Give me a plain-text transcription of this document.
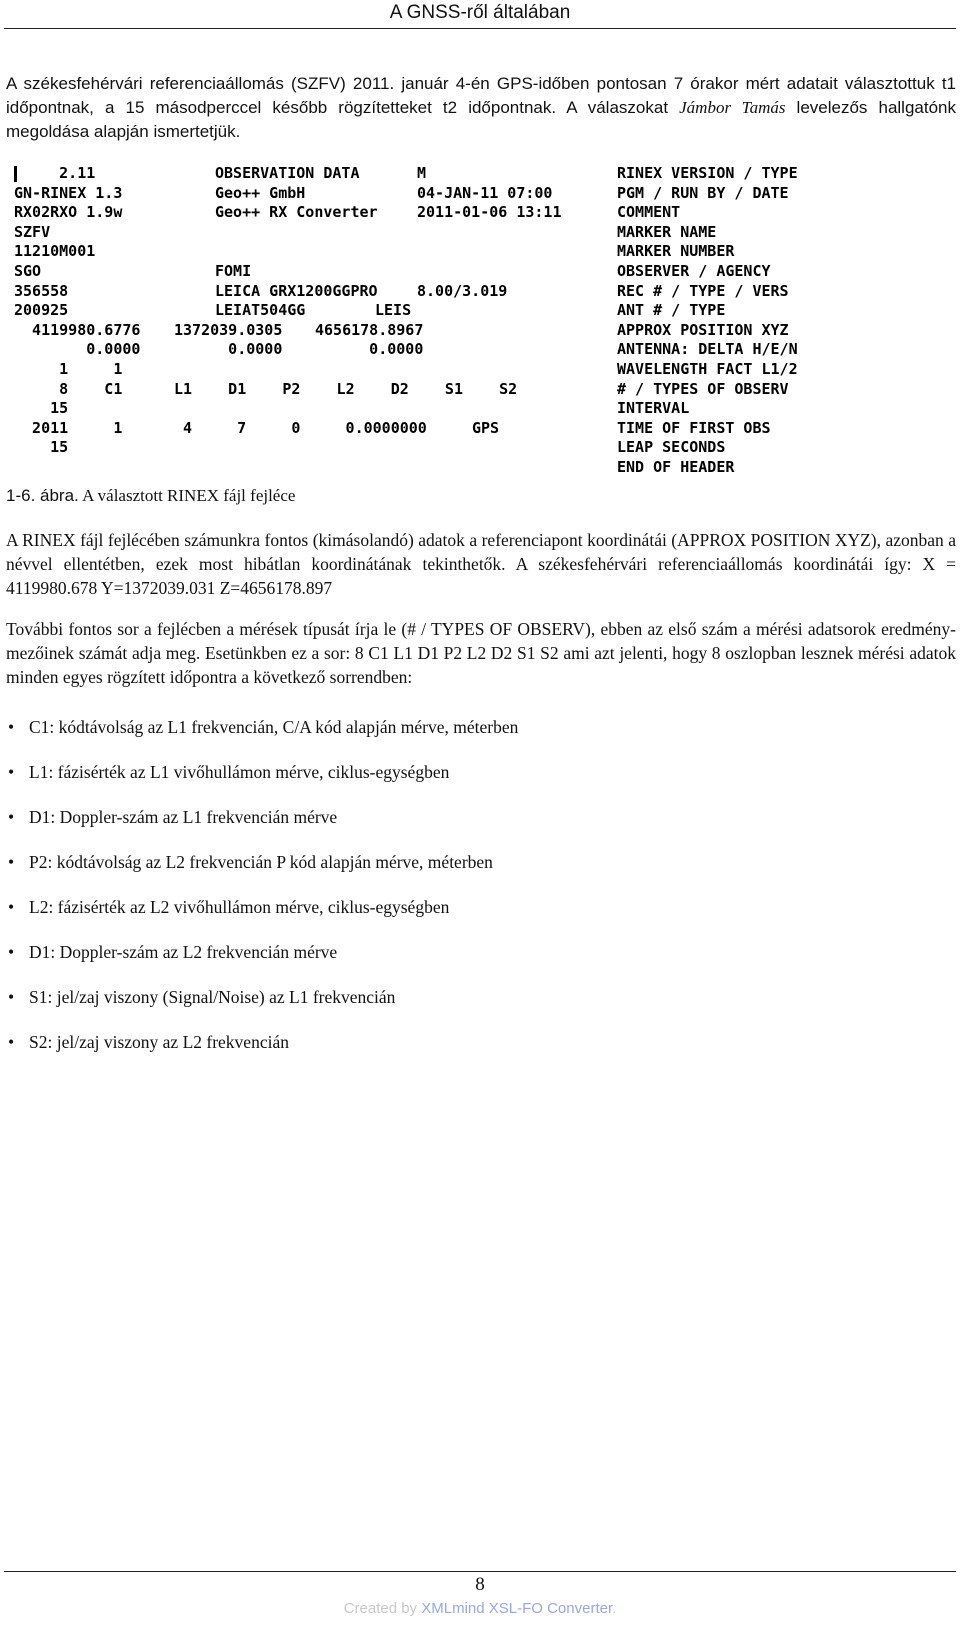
A GNSS-ről általában
A székesfehérvári referenciaállomás (SZFV) 2011. január 4-én GPS-időben pontosan 7 órakor mért adatait választottuk t1 időpontnak, a 15 másodperccel később rögzítetteket t2 időpontnak. A válaszokat Jámbor Tamás levelezős hallgatónk megoldása alapján ismertetjük.
2.11	OBSERVATION DATA	M	RINEX VERSION / TYPE
GN-RINEX 1.3	Geo++ GmbH	04-JAN-11 07:00	PGM / RUN BY / DATE
RX02RXO 1.9w	Geo++ RX Converter	2011-01-06 13:11	COMMENT
SZFV	MARKER NAME
11210M001	MARKER NUMBER
SGO	FOMI	OBSERVER / AGENCY
356558	LEICA GRX1200GGPRO	8.00/3.019	REC # / TYPE / VERS
200925	LEIAT504GG	LEIS	ANT # / TYPE
4119980.6776 1372039.0305 4656178.8967	APPROX POSITION XYZ
0.0000 0.0000 0.0000	ANTENNA: DELTA H/E/N
1     1	WAVELENGTH FACT L1/2
8    C1	L1    D1    P2    L2    D2    S1    S2	# / TYPES OF OBSERV
15	INTERVAL
2011     1	4     7     0     0.0000000     GPS	TIME OF FIRST OBS
15	LEAP SECONDS
END OF HEADER
1-6. ábra. A választott RINEX fájl fejléce
A RINEX fájl fejlécében számunkra fontos (kimásolandó) adatok a referenciapont koordinátái (APPROX POSITION XYZ), azonban a névvel ellentétben, ezek most hibátlan koordinátának tekinthetők. A székesfehérvári referenciaállomás koordinátái így: X = 4119980.678 Y=1372039.031 Z=4656178.897
További fontos sor a fejlécben a mérések típusát írja le (# / TYPES OF OBSERV), ebben az első szám a mérési adatsorok eredmény-mezőinek számát adja meg. Esetünkben ez a sor: 8 C1 L1 D1 P2 L2 D2 S1 S2 ami azt jelenti, hogy 8 oszlopban lesznek mérési adatok minden egyes rögzített időpontra a következő sorrendben:
• C1: kódtávolság az L1 frekvencián, C/A kód alapján mérve, méterben
• L1: fázisérték az L1 vivőhullámon mérve, ciklus-egységben
• D1: Doppler-szám az L1 frekvencián mérve
• P2: kódtávolság az L2 frekvencián P kód alapján mérve, méterben
• L2: fázisérték az L2 vivőhullámon mérve, ciklus-egységben
• D1: Doppler-szám az L2 frekvencián mérve
• S1: jel/zaj viszony (Signal/Noise) az L1 frekvencián
• S2: jel/zaj viszony az L2 frekvencián
8
Created by XMLmind XSL-FO Converter.
